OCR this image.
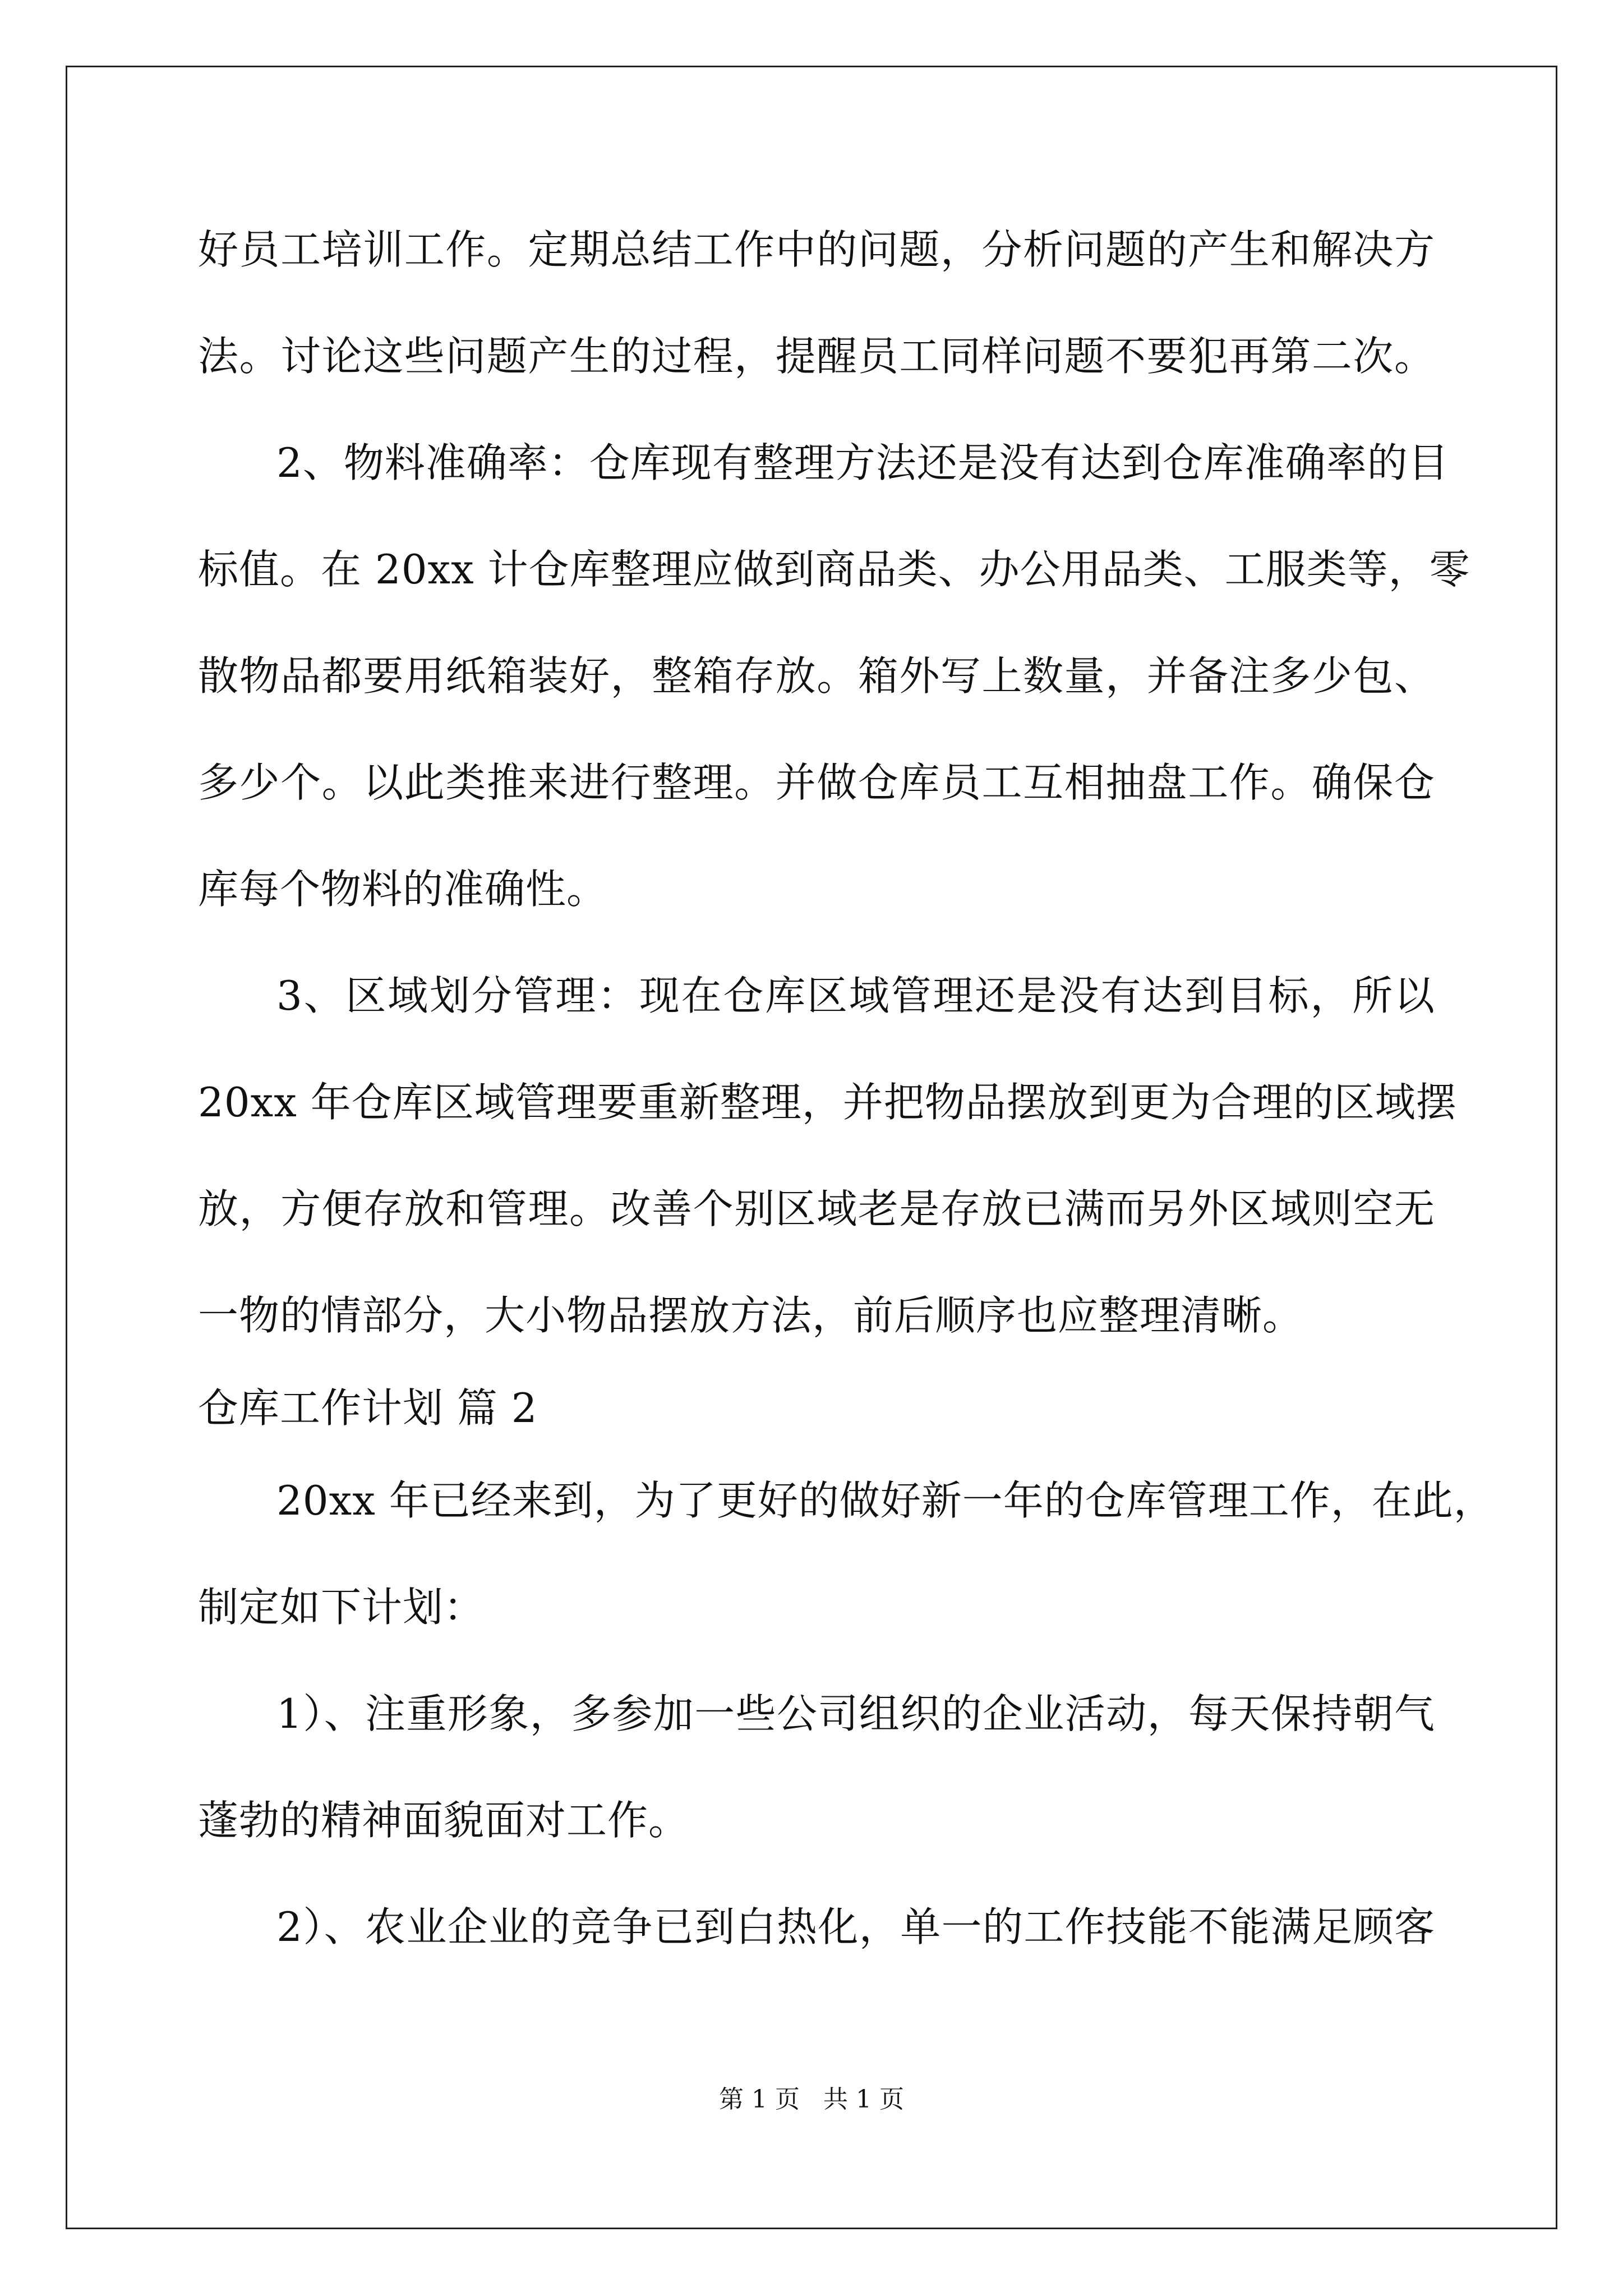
好员工培训工作。定期总结工作中的问题，分析问题的产生和解决方
法。讨论这些问题产生的过程，提醒员工同样问题不要犯再第二次。
2、物料准确率：仓库现有整理方法还是没有达到仓库准确率的目
标值。在 20xx 计仓库整理应做到商品类、办公用品类、工服类等，零
散物品都要用纸箱装好，整箱存放。箱外写上数量，并备注多少包、
多少个。以此类推来进行整理。并做仓库员工互相抽盘工作。确保仓
库每个物料的准确性。
3、区域划分管理：现在仓库区域管理还是没有达到目标，所以
20xx 年仓库区域管理要重新整理，并把物品摆放到更为合理的区域摆
放，方便存放和管理。改善个别区域老是存放已满而另外区域则空无
一物的情部分，大小物品摆放方法，前后顺序也应整理清晰。
仓库工作计划 篇 2
20xx 年已经来到，为了更好的做好新一年的仓库管理工作，在此，
制定如下计划：
1）、注重形象，多参加一些公司组织的企业活动，每天保持朝气
蓬勃的精神面貌面对工作。
2）、农业企业的竞争已到白热化，单一的工作技能不能满足顾客
第 1 页   共 1 页
